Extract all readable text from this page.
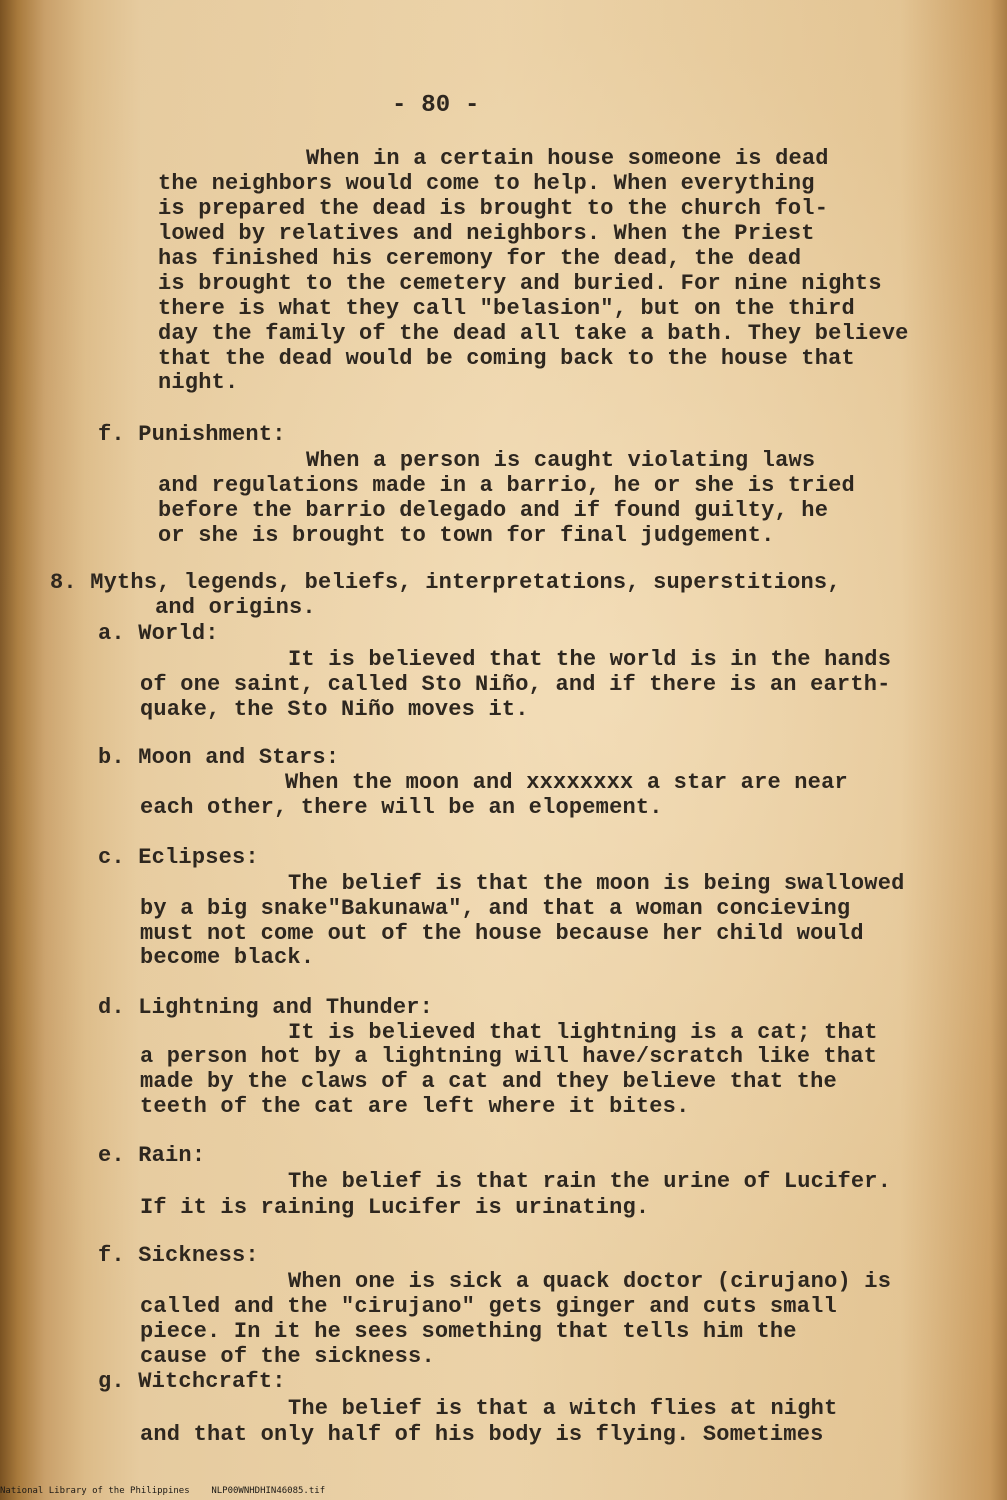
- 80 -
When in a certain house someone is dead
the neighbors would come to help. When everything
is prepared the dead is brought to the church fol-
lowed by relatives and neighbors. When the Priest
has finished his ceremony for the dead, the dead
is brought to the cemetery and buried. For nine nights
there is what they call "belasion", but on the third
day the family of the dead all take a bath. They believe
that the dead would be coming back to the house that
night.
f. Punishment:
When a person is caught violating laws
and regulations made in a barrio, he or she is tried
before the barrio delegado and if found guilty, he
or she is brought to town for final judgement.
8. Myths, legends, beliefs, interpretations, superstitions,
and origins.
a. World:
It is believed that the world is in the hands
of one saint, called Sto Niño, and if there is an earth-
quake, the Sto Niño moves it.
b. Moon and Stars:
When the moon and xxxxxxxx a star are near
each other, there will be an elopement.
c. Eclipses:
The belief is that the moon is being swallowed
by a big snake"Bakunawa", and that a woman concieving
must not come out of the house because her child would
become black.
d. Lightning and Thunder:
It is believed that lightning is a cat; that
a person hot by a lightning will have/scratch like that
made by the claws of a cat and they believe that the
teeth of the cat are left where it bites.
e. Rain:
The belief is that rain the urine of Lucifer.
If it is raining Lucifer is urinating.
f. Sickness:
When one is sick a quack doctor (cirujano) is
called and the "cirujano" gets ginger and cuts small
piece. In it he sees something that tells him the
cause of the sickness.
g. Witchcraft:
The belief is that a witch flies at night
and that only half of his body is flying. Sometimes
National Library of the Philippines    NLP00WNHDHIN46085.tif
